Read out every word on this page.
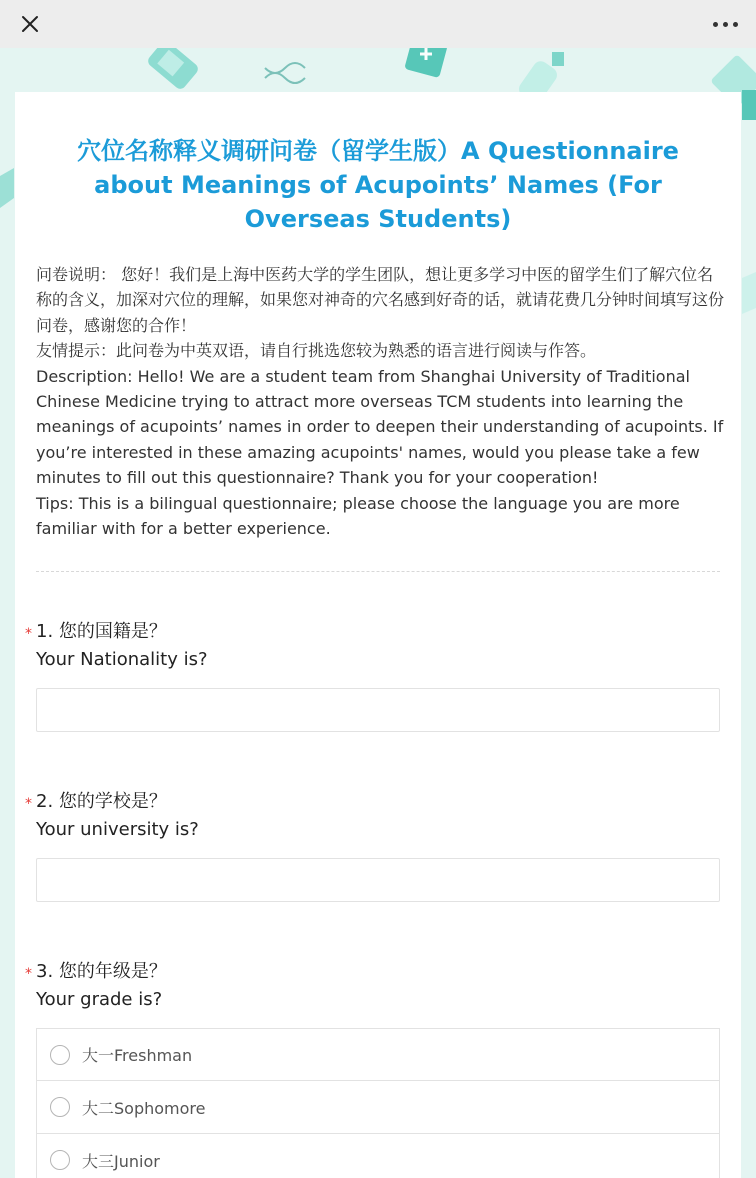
穴位名称释义调研问卷（留学生版）A Questionnaire about Meanings of Acupoints’ Names (For Overseas Students)

问卷说明： 您好！我们是上海中医药大学的学生团队，想让更多学习中医的留学生们了解穴位名称的含义，加深对穴位的理解，如果您对神奇的穴名感到好奇的话，就请花费几分钟时间填写这份问卷，感谢您的合作！

友情提示：此问卷为中英双语，请自行挑选您较为熟悉的语言进行阅读与作答。

Description: Hello! We are a student team from Shanghai University of Traditional Chinese Medicine trying to attract more overseas TCM students into learning the meanings of acupoints’ names in order to deepen their understanding of acupoints. If you’re interested in these amazing acupoints' names, would you please take a few minutes to fill out this questionnaire? Thank you for your cooperation!

Tips: This is a bilingual questionnaire; please choose the language you are more familiar with for a better experience.

* 1. 您的国籍是？
Your Nationality is?
* 2. 您的学校是？
Your university is?
* 3. 您的年级是？
Your grade is?
大一Freshman
大二Sophomore
大三Junior
